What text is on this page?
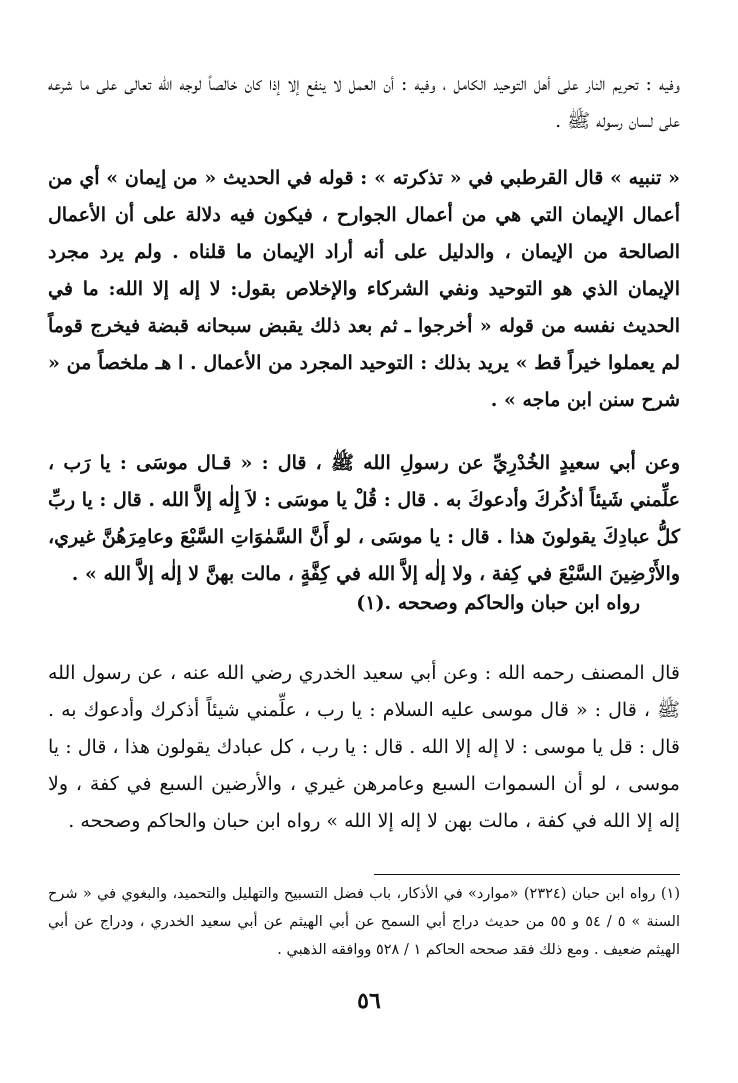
وفيه : تحريم النار على أهل التوحيد الكامل ، وفيه : أن العمل لا ينفع إلا إذا كان خالصاً لوجه الله تعالى على ما شرعه على لسان رسوله ﷺ .

« تنبيه » قال القرطبي في « تذكرته » : قوله في الحديث « من إيمان » أي من أعمال الإيمان التي هي من أعمال الجوارح ، فيكون فيه دلالة على أن الأعمال الصالحة من الإيمان ، والدليل على أنه أراد الإيمان ما قلناه . ولم يرد مجرد الإيمان الذي هو التوحيد ونفي الشركاء والإخلاص بقول: لا إله إلا الله: ما في الحديث نفسه من قوله « أخرجوا ـ ثم بعد ذلك يقبض سبحانه قبضة فيخرج قوماً لم يعملوا خيراً قط » يريد بذلك : التوحيد المجرد من الأعمال . ا هـ ملخصاً من « شرح سنن ابن ماجه » .

وعن أبي سعيدٍ الخُدْرِيِّ عن رسولِ الله ﷺ ، قال : « قـال موسَى : يا رَب ، علِّمني شَيئاً أذكُركَ وأدعوكَ به . قال : قُلْ يا موسَى : لاَ إِلٰه إلاَّ الله . قال : يا ربِّ كلُّ عبادِكَ يقولونَ هذا . قال : يا موسَى ، لو أَنَّ السَّمٰوَاتِ السَّبْعَ وعامِرَهُنَّ غيري، والأَرْضِينَ السَّبْعَ في كِفة ، ولا إلٰه إلاَّ الله في كِفَّةٍ ، مالت بهنَّ لا إلٰه إلاَّ الله » .

رواه ابن حبان والحاكم وصححه .(١)

قال المصنف رحمه الله : وعن أبي سعيد الخدري رضي الله عنه ، عن رسول الله ﷺ ، قال : « قال موسى عليه السلام : يا رب ، علِّمني شيئاً أذكرك وأدعوك به . قال : قل يا موسى : لا إله إلا الله . قال : يا رب ، كل عبادك يقولون هذا ، قال : يا موسى ، لو أن السموات السبع وعامرهن غيري ، والأرضين السبع في كفة ، ولا إله إلا الله في كفة ، مالت بهن لا إله إلا الله » رواه ابن حبان والحاكم وصححه .

(١) رواه ابن حبان (٢٣٢٤) «موارد» في الأذكار، باب فضل التسبيح والتهليل والتحميد، والبغوي في « شرح السنة » ٥ / ٥٤ و ٥٥ من حديث دراج أبي السمح عن أبي الهيثم عن أبي سعيد الخدري ، ودراج عن أبي الهيثم ضعيف . ومع ذلك فقد صححه الحاكم ١ / ٥٢٨ ووافقه الذهبي .

٥٦
